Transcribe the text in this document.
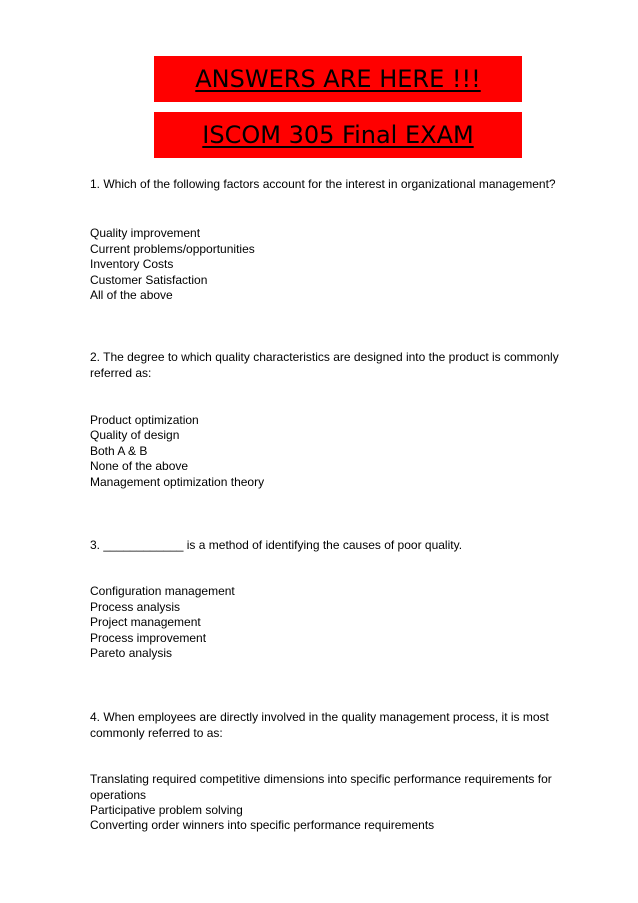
ANSWERS ARE HERE !!!
ISCOM 305 Final EXAM
1. Which of the following factors account for the interest in organizational management?
Quality improvement
Current problems/opportunities
Inventory Costs
Customer Satisfaction
All of the above
2. The degree to which quality characteristics are designed into the product is commonly referred as:
Product optimization
Quality of design
Both A & B
None of the above
Management optimization theory
3. ____________ is a method of identifying the causes of poor quality.
Configuration management
Process analysis
Project management
Process improvement
Pareto analysis
4. When employees are directly involved in the quality management process, it is most commonly referred to as:
Translating required competitive dimensions into specific performance requirements for operations
Participative problem solving
Converting order winners into specific performance requirements
